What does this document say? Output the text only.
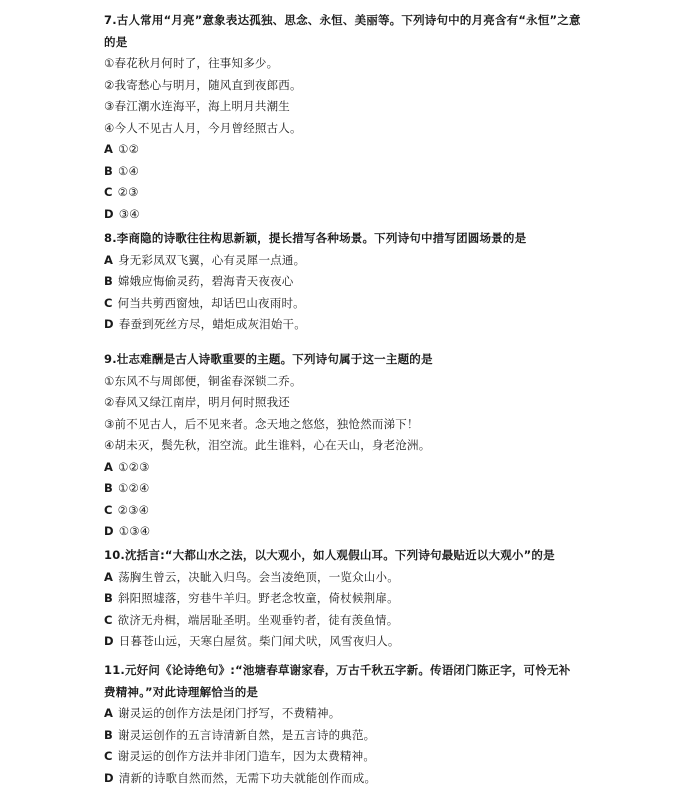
7.古人常用“月亮”意象表达孤独、思念、永恒、美丽等。下列诗句中的月亮含有“永恒”之意
的是
①春花秋月何时了，往事知多少。
②我寄愁心与明月，随风直到夜郎西。
③春江潮水连海平，海上明月共潮生
④今人不见古人月，今月曾经照古人。
A ①②
B ①④
C ②③
D ③④
8.李商隐的诗歌往往构思新颖，提长措写各种场景。下列诗句中措写团圆场景的是
A 身无彩凤双飞翼，心有灵犀一点通。
B 嫦娥应悔偷灵药，碧海青天夜夜心
C 何当共剪西窗烛，却话巴山夜雨时。
D 春蚕到死丝方尽，蜡炬成灰泪始干。
9.壮志难酬是古人诗歌重要的主题。下列诗句属于这一主题的是
①东风不与周郎便，铜雀春深锁二乔。
②春风又绿江南岸，明月何时照我还
③前不见古人，后不见来者。念天地之悠悠，独怆然而涕下！
④胡未灭，鬓先秋，泪空流。此生谁料，心在天山，身老沧洲。
A ①②③
B ①②④
C ②③④
D ①③④
10.沈括言:“大都山水之法，以大观小，如人观假山耳。下列诗句最贴近以大观小”的是
A 荡胸生曾云，决眦入归鸟。会当凌绝顶，一览众山小。
B 斜阳照墟落，穷巷牛羊归。野老念牧童，倚杖候荆扉。
C 欲济无舟楫，端居耻圣明。坐观垂钓者，徒有羡鱼情。
D 日暮苍山远，天寒白屋贫。柴门闻犬吠，风雪夜归人。
11.元好问《论诗绝句》:“池塘春草谢家春，万古千秋五字新。传语闭门陈正字，可怜无补
费精神。”对此诗理解恰当的是
A 谢灵运的创作方法是闭门抒写，不费精神。
B 谢灵运创作的五言诗清新自然，是五言诗的典范。
C 谢灵运的创作方法并非闭门造车，因为太费精神。
D 清新的诗歌自然而然，无需下功夫就能创作而成。
